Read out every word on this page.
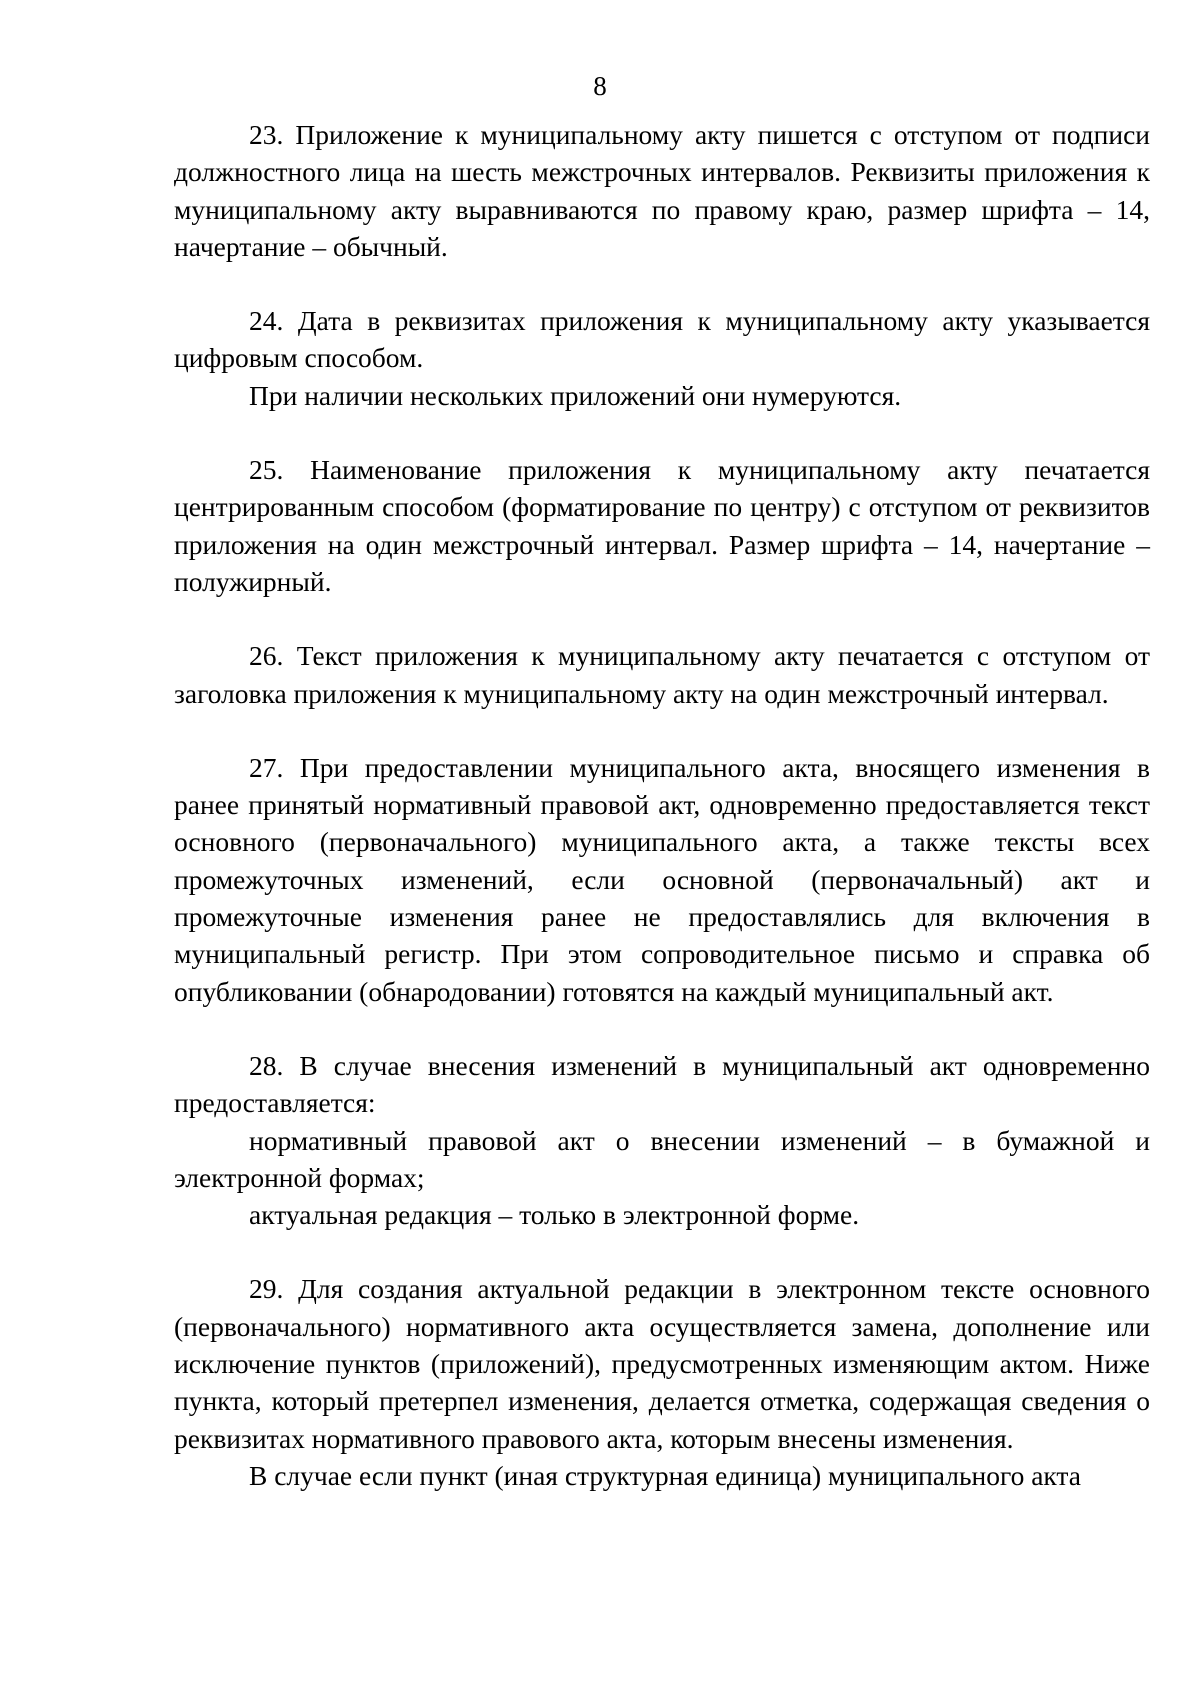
8

23. Приложение к муниципальному акту пишется с отступом от подписи должностного лица на шесть межстрочных интервалов. Реквизиты приложения к муниципальному акту выравниваются по правому краю, размер шрифта – 14, начертание – обычный.

24. Дата в реквизитах приложения к муниципальному акту указывается цифровым способом.

При наличии нескольких приложений они нумеруются.

25. Наименование приложения к муниципальному акту печатается центрированным способом (форматирование по центру) с отступом от реквизитов приложения на один межстрочный интервал. Размер шрифта – 14, начертание – полужирный.

26. Текст приложения к муниципальному акту печатается с отступом от заголовка приложения к муниципальному акту на один межстрочный интервал.

27. При предоставлении муниципального акта, вносящего изменения в ранее принятый нормативный правовой акт, одновременно предоставляется текст основного (первоначального) муниципального акта, а также тексты всех промежуточных изменений, если основной (первоначальный) акт и промежуточные изменения ранее не предоставлялись для включения в муниципальный регистр. При этом сопроводительное письмо и справка об опубликовании (обнародовании) готовятся на каждый муниципальный акт.

28. В случае внесения изменений в муниципальный акт одновременно предоставляется:

нормативный правовой акт о внесении изменений – в бумажной и электронной формах;

актуальная редакция – только в электронной форме.

29. Для создания актуальной редакции в электронном тексте основного (первоначального) нормативного акта осуществляется замена, дополнение или исключение пунктов (приложений), предусмотренных изменяющим актом. Ниже пункта, который претерпел изменения, делается отметка, содержащая сведения о реквизитах нормативного правового акта, которым внесены изменения.

В случае если пункт (иная структурная единица) муниципального акта
